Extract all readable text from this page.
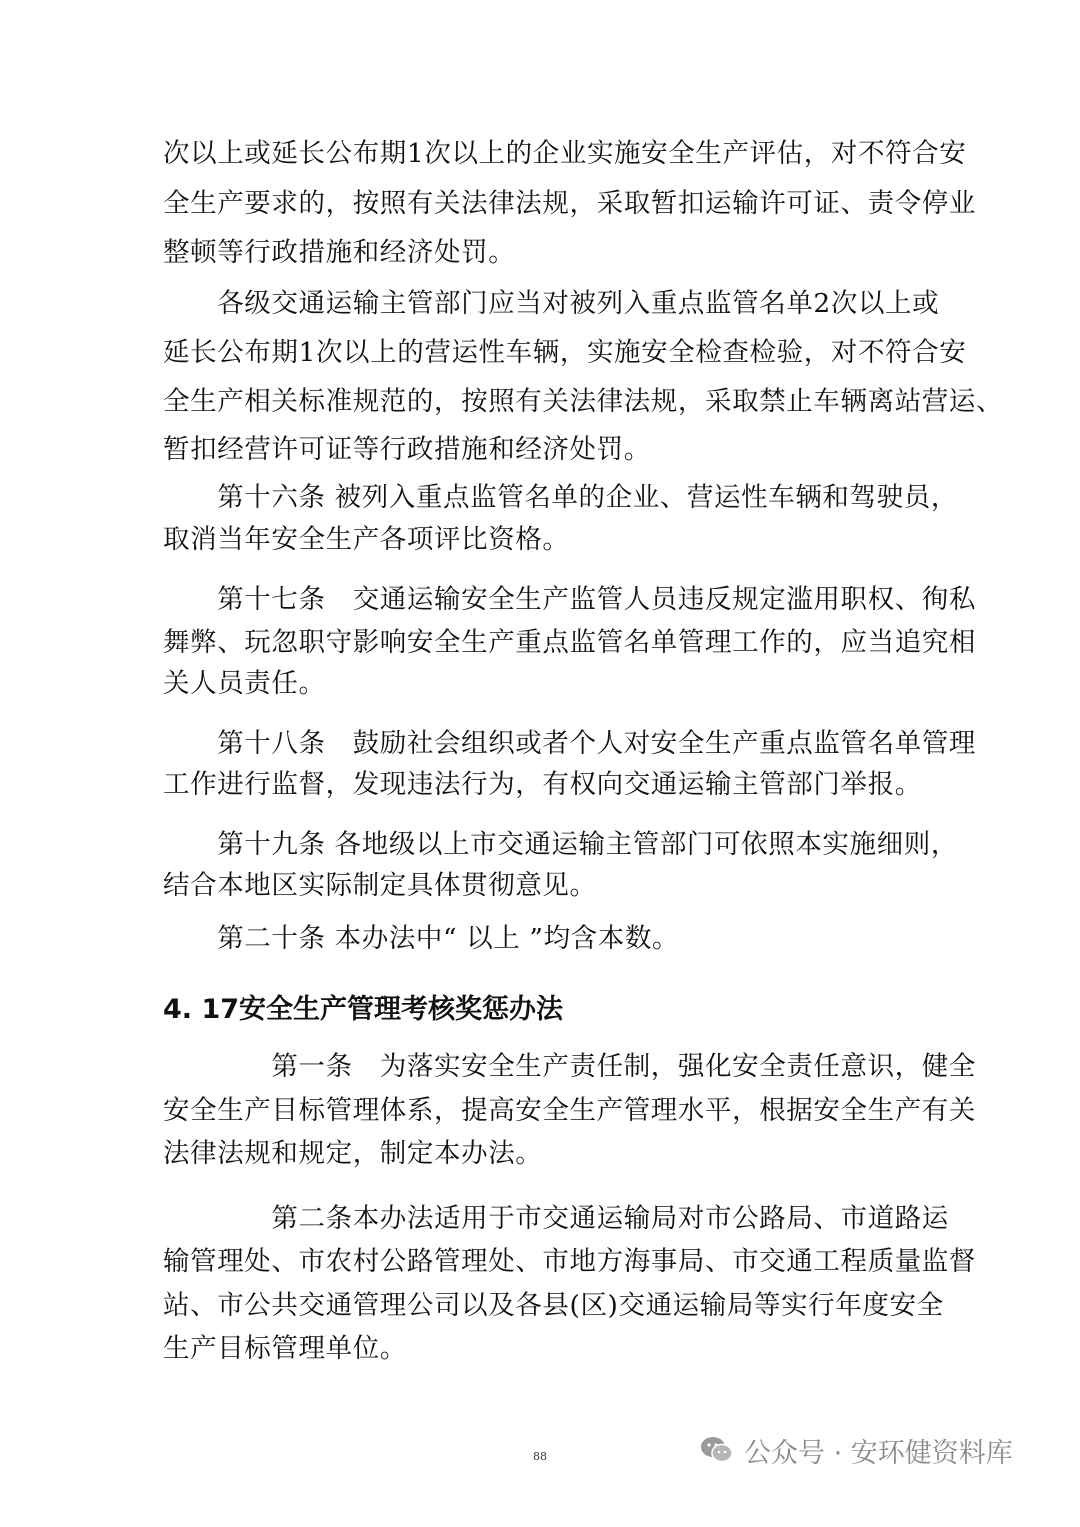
次以上或延长公布期1次以上的企业实施安全生产评估，对不符合安
全生产要求的，按照有关法律法规，采取暂扣运输许可证、责令停业
整顿等行政措施和经济处罚。
　　各级交通运输主管部门应当对被列入重点监管名单2次以上或
延长公布期1次以上的营运性车辆，实施安全检查检验，对不符合安
全生产相关标准规范的，按照有关法律法规，采取禁止车辆离站营运、
暂扣经营许可证等行政措施和经济处罚。
　　第十六条 被列入重点监管名单的企业、营运性车辆和驾驶员，
取消当年安全生产各项评比资格。
　　第十七条　交通运输安全生产监管人员违反规定滥用职权、徇私
舞弊、玩忽职守影响安全生产重点监管名单管理工作的，应当追究相
关人员责任。
　　第十八条　鼓励社会组织或者个人对安全生产重点监管名单管理
工作进行监督，发现违法行为，有权向交通运输主管部门举报。
　　第十九条 各地级以上市交通运输主管部门可依照本实施细则，
结合本地区实际制定具体贯彻意见。
　　第二十条 本办法中“ 以上 ”均含本数。
4. 17安全生产管理考核奖惩办法
　　　　第一条　为落实安全生产责任制，强化安全责任意识，健全
安全生产目标管理体系，提高安全生产管理水平，根据安全生产有关
法律法规和规定，制定本办法。
　　　　第二条本办法适用于市交通运输局对市公路局、市道路运
输管理处、市农村公路管理处、市地方海事局、市交通工程质量监督
站、市公共交通管理公司以及各县(区)交通运输局等实行年度安全
生产目标管理单位。
88	公众号 · 安环健资料库
